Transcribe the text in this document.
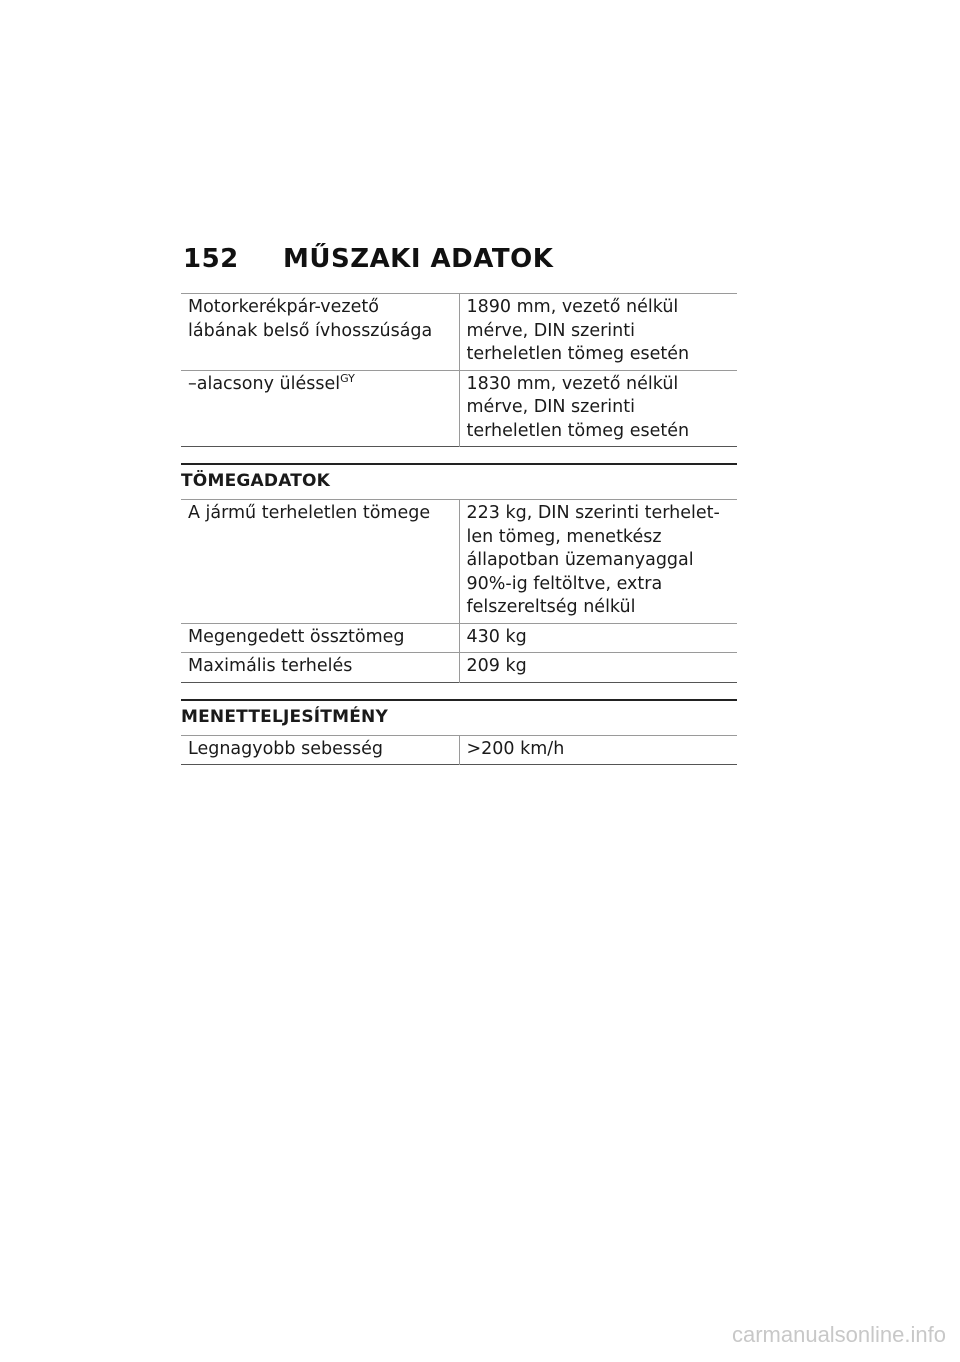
152 MŰSZAKI ADATOK
Motorkerékpár-vezető lábának belső ívhosszúsága	1890 mm, vezető nélkül mérve, DIN szerinti terheletlen tömeg esetén
–alacsony üléssel$^{GY}$	1830 mm, vezető nélkül mérve, DIN szerinti terheletlen tömeg esetén
TÖMEGADATOK
A jármű terheletlen tömege	223 kg, DIN szerinti terheletlen tömeg, menetkész állapotban üzemanyaggal 90%-ig feltöltve, extra felszereltség nélkül
Megengedett össztömeg	430 kg
Maximális terhelés	209 kg
MENETTELJESÍTMÉNY
Legnagyobb sebesség	>200 km/h
carmanualsonline.info
